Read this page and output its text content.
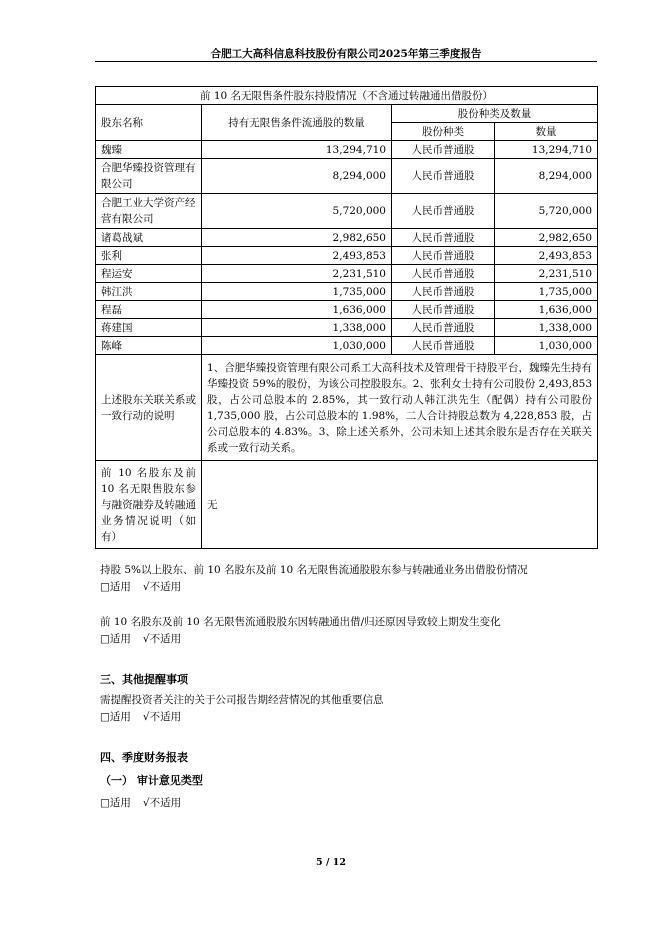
合肥工大高科信息科技股份有限公司2025年第三季度报告
前 10 名无限售条件股东持股情况（不含通过转融通出借股份）			
股东名称	持有无限售条件流通股的数量	股份种类及数量	
		股份种类	数量
魏臻	13,294,710	人民币普通股	13,294,710
合肥华臻投资管理有限公司	8,294,000	人民币普通股	8,294,000
合肥工业大学资产经营有限公司	5,720,000	人民币普通股	5,720,000
诸葛战斌	2,982,650	人民币普通股	2,982,650
张利	2,493,853	人民币普通股	2,493,853
程运安	2,231,510	人民币普通股	2,231,510
韩江洪	1,735,000	人民币普通股	1,735,000
程磊	1,636,000	人民币普通股	1,636,000
蒋建国	1,338,000	人民币普通股	1,338,000
陈峰	1,030,000	人民币普通股	1,030,000
上述股东关联关系或一致行动的说明	1、合肥华臻投资管理有限公司系工大高科技术及管理骨干持股平台，魏臻先生持有华臻投资 59%的股份，为该公司控股股东。2、张利女士持有公司股份 2,493,853 股，占公司总股本的 2.85%，其一致行动人韩江洪先生（配偶）持有公司股份 1,735,000 股，占公司总股本的 1.98%，二人合计持股总数为 4,228,853 股，占公司总股本的 4.83%。3、除上述关系外，公司未知上述其余股东是否存在关联关系或一致行动关系。		
前 10 名股东及前 10 名无限售股东参与融资融券及转融通业务情况说明（如有）	无		
持股 5%以上股东、前 10 名股东及前 10 名无限售流通股股东参与转融通业务出借股份情况
□适用 √不适用
前 10 名股东及前 10 名无限售流通股股东因转融通出借/归还原因导致较上期发生变化
□适用 √不适用
三、其他提醒事项
需提醒投资者关注的关于公司报告期经营情况的其他重要信息
□适用 √不适用
四、季度财务报表
（一） 审计意见类型
□适用 √不适用
5 / 12
